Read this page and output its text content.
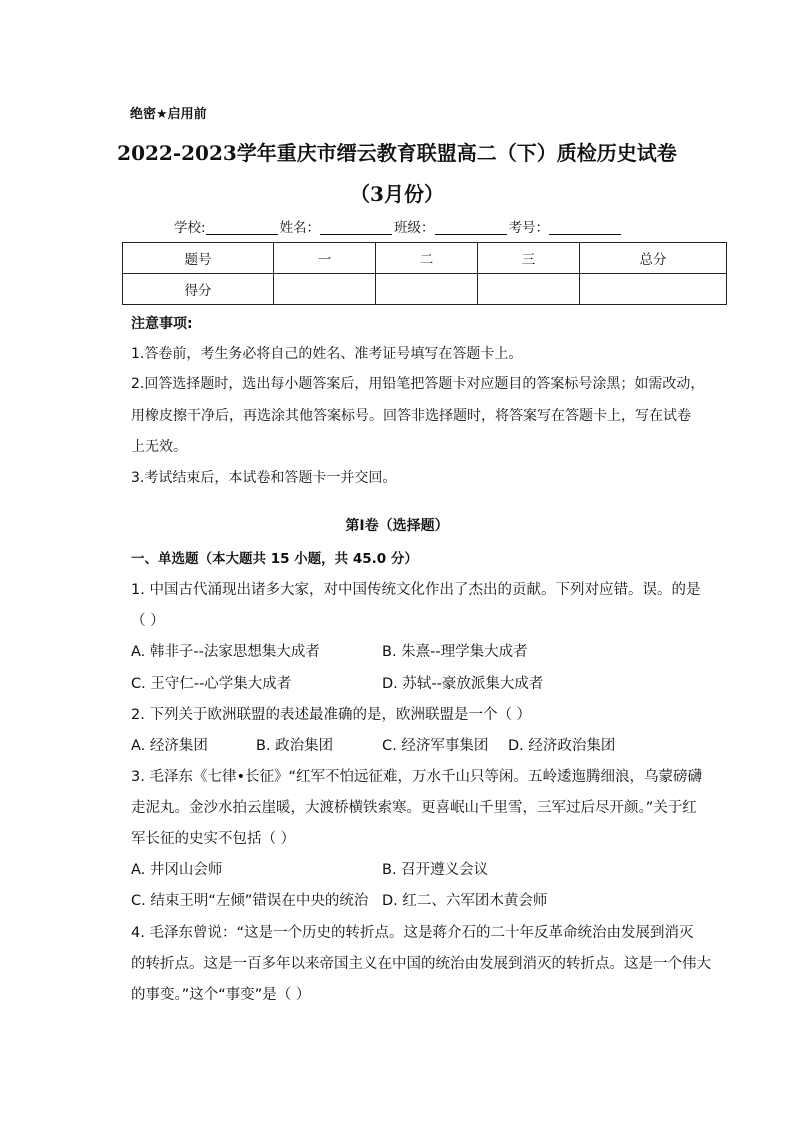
绝密★启用前
2022-2023学年重庆市缙云教育联盟高二（下）质检历史试卷
（3月份）
学校:	姓名：	班级：	考号：
题号	一	二	三	总分
得分				
注意事项:
1.答卷前，考生务必将自己的姓名、准考证号填写在答题卡上。
2.回答选择题时，选出每小题答案后，用铅笔把答题卡对应题目的答案标号涂黑；如需改动，
用橡皮擦干净后，再选涂其他答案标号。回答非选择题时，将答案写在答题卡上，写在试卷
上无效。
3.考试结束后，本试卷和答题卡一并交回。
第Ⅰ卷（选择题）
一、单选题（本大题共 15 小题，共 45.0 分）
1. 中国古代涌现出诸多大家，对中国传统文化作出了杰出的贡献。下列对应错。误。的是
（ ）
A. 韩非子--法家思想集大成者	B. 朱熹--理学集大成者
C. 王守仁--心学集大成者	D. 苏轼--豪放派集大成者
2. 下列关于欧洲联盟的表述最准确的是，欧洲联盟是一个（ ）
A. 经济集团	B. 政治集团	C. 经济军事集团 D. 经济政治集团
3. 毛泽东《七律•长征》“红军不怕远征难，万水千山只等闲。五岭逶迤腾细浪，乌蒙磅礴
走泥丸。金沙水拍云崖暖，大渡桥横铁索寒。更喜岷山千里雪，三军过后尽开颜。”关于红
军长征的史实不包括（ ）
A. 井冈山会师	B. 召开遵义会议
C. 结束王明“左倾”错误在中央的统治 D. 红二、六军团木黄会师
4. 毛泽东曾说：“这是一个历史的转折点。这是蒋介石的二十年反革命统治由发展到消灭
的转折点。这是一百多年以来帝国主义在中国的统治由发展到消灭的转折点。这是一个伟大
的事变。”这个“事变”是（ ）
